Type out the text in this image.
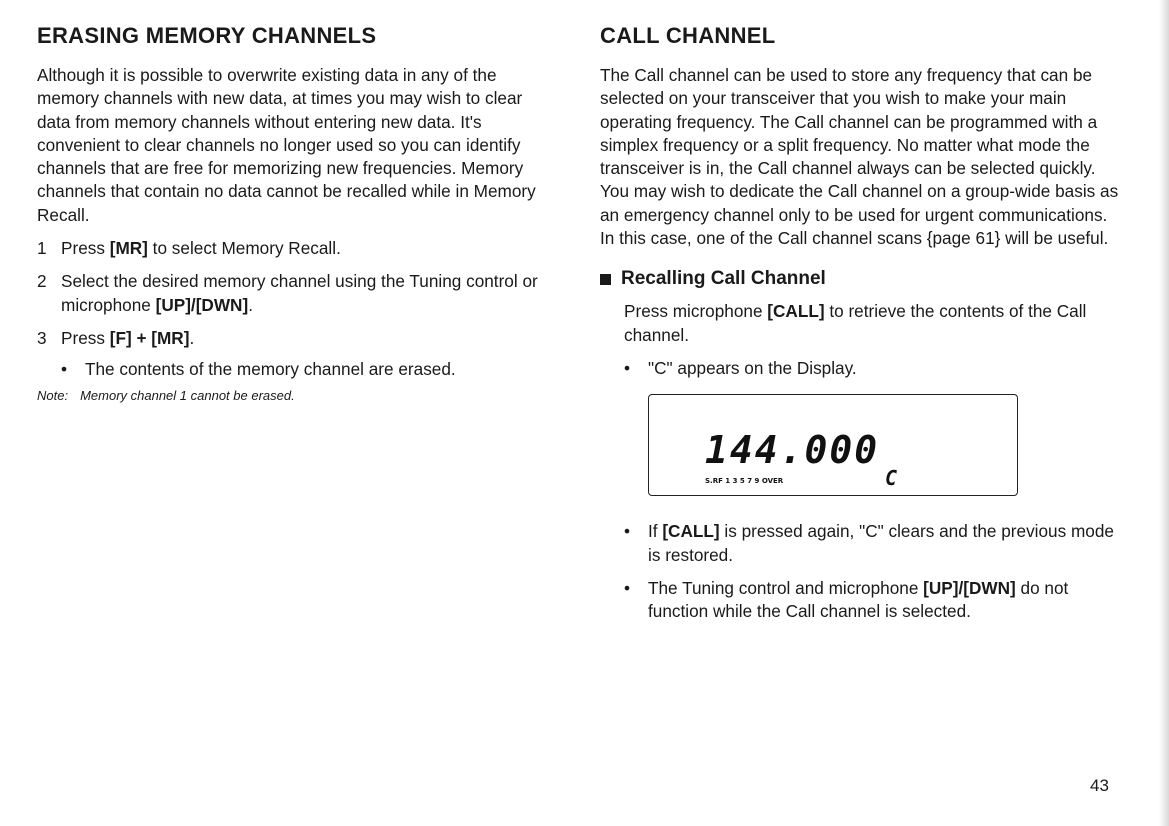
ERASING MEMORY CHANNELS

Although it is possible to overwrite existing data in any of the memory channels with new data, at times you may wish to clear data from memory channels without entering new data. It's convenient to clear channels no longer used so you can identify channels that are free for memorizing new frequencies. Memory channels that contain no data cannot be recalled while in Memory Recall.

1 Press [MR] to select Memory Recall.
2 Select the desired memory channel using the Tuning control or microphone [UP]/[DWN].
3 Press [F] + [MR].
•	The contents of the memory channel are erased.
Note: Memory channel 1 cannot be erased.
CALL CHANNEL

The Call channel can be used to store any frequency that can be selected on your transceiver that you wish to make your main operating frequency. The Call channel can be programmed with a simplex frequency or a split frequency. No matter what mode the transceiver is in, the Call channel always can be selected quickly. You may wish to dedicate the Call channel on a group-wide basis as an emergency channel only to be used for urgent communications. In this case, one of the Call channel scans {page 61} will be useful.

Recalling Call Channel

Press microphone [CALL] to retrieve the contents of the Call channel.

•	"C" appears on the Display.
144.000
S.RF 1 3 5 7 9 OVER	C
•	If [CALL] is pressed again, "C" clears and the previous mode is restored.
•	The Tuning control and microphone [UP]/[DWN] do not function while the Call channel is selected.
43
